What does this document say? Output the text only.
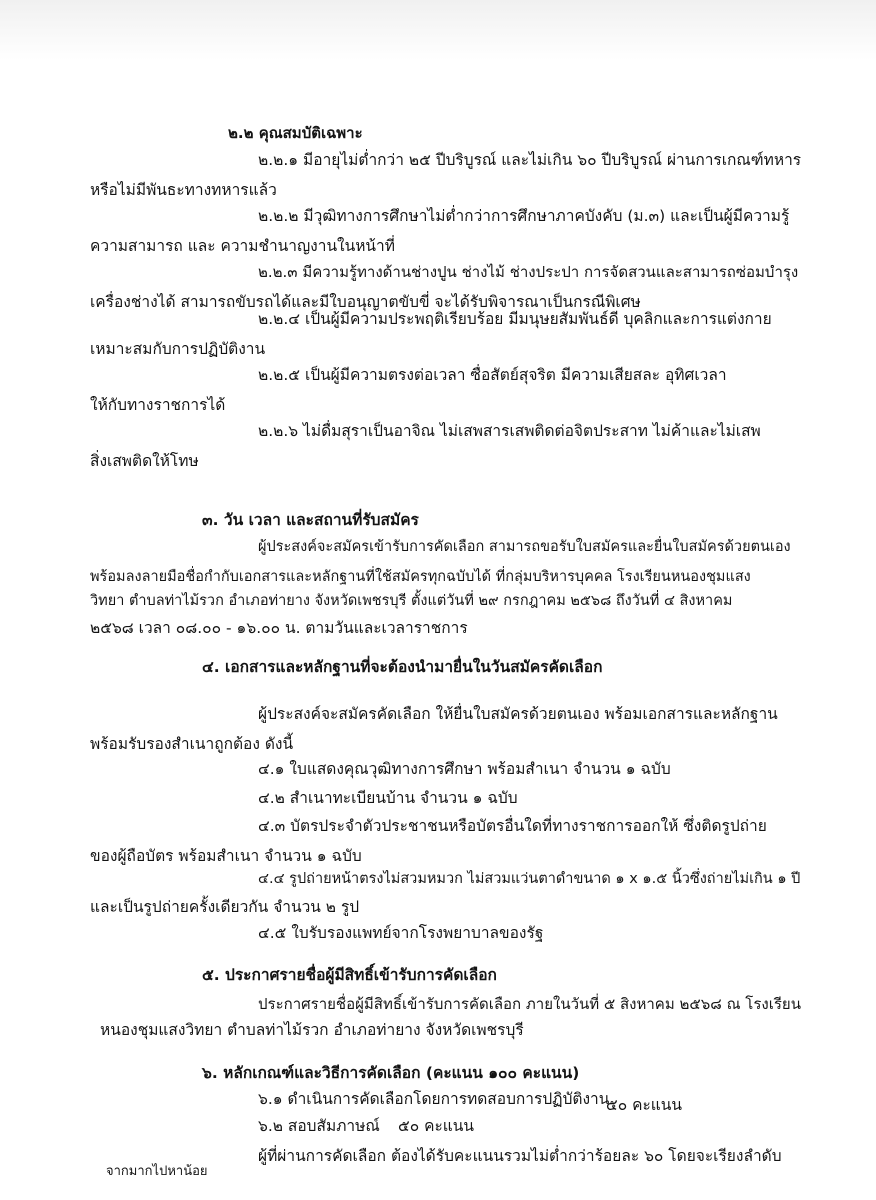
๒.๒ คุณสมบัติเฉพาะ
๒.๒.๑ มีอายุไม่ต่ำกว่า ๒๕ ปีบริบูรณ์ และไม่เกิน ๖๐ ปีบริบูรณ์ ผ่านการเกณฑ์ทหาร
หรือไม่มีพันธะทางทหารแล้ว
๒.๒.๒ มีวุฒิทางการศึกษาไม่ต่ำกว่าการศึกษาภาคบังคับ (ม.๓) และเป็นผู้มีความรู้
ความสามารถ และ ความชำนาญงานในหน้าที่
๒.๒.๓ มีความรู้ทางด้านช่างปูน ช่างไม้ ช่างประปา การจัดสวนและสามารถซ่อมบำรุง
เครื่องช่างได้ สามารถขับรถได้และมีใบอนุญาตขับขี่ จะได้รับพิจารณาเป็นกรณีพิเศษ
๒.๒.๔ เป็นผู้มีความประพฤติเรียบร้อย มีมนุษยสัมพันธ์ดี บุคลิกและการแต่งกาย
เหมาะสมกับการปฏิบัติงาน
๒.๒.๕ เป็นผู้มีความตรงต่อเวลา ซื่อสัตย์สุจริต มีความเสียสละ อุทิศเวลา
ให้กับทางราชการได้
๒.๒.๖ ไม่ดื่มสุราเป็นอาจิณ ไม่เสพสารเสพติดต่อจิตประสาท ไม่ค้าและไม่เสพ
สิ่งเสพติดให้โทษ
๓. วัน เวลา และสถานที่รับสมัคร
ผู้ประสงค์จะสมัครเข้ารับการคัดเลือก สามารถขอรับใบสมัครและยื่นใบสมัครด้วยตนเอง
พร้อมลงลายมือชื่อกำกับเอกสารและหลักฐานที่ใช้สมัครทุกฉบับได้ ที่กลุ่มบริหารบุคคล โรงเรียนหนองชุมแสง
วิทยา ตำบลท่าไม้รวก อำเภอท่ายาง จังหวัดเพชรบุรี ตั้งแต่วันที่ ๒๙ กรกฎาคม ๒๕๖๘ ถึงวันที่ ๔ สิงหาคม
๒๕๖๘ เวลา ๐๘.๐๐ - ๑๖.๐๐ น. ตามวันและเวลาราชการ
๔. เอกสารและหลักฐานที่จะต้องนำมายื่นในวันสมัครคัดเลือก
ผู้ประสงค์จะสมัครคัดเลือก ให้ยื่นใบสมัครด้วยตนเอง พร้อมเอกสารและหลักฐาน
พร้อมรับรองสำเนาถูกต้อง ดังนี้
๔.๑ ใบแสดงคุณวุฒิทางการศึกษา พร้อมสำเนา จำนวน ๑ ฉบับ
๔.๒ สำเนาทะเบียนบ้าน จำนวน ๑ ฉบับ
๔.๓ บัตรประจำตัวประชาชนหรือบัตรอื่นใดที่ทางราชการออกให้ ซึ่งติดรูปถ่าย
ของผู้ถือบัตร พร้อมสำเนา จำนวน ๑ ฉบับ
๔.๔ รูปถ่ายหน้าตรงไม่สวมหมวก ไม่สวมแว่นตาดำขนาด ๑ x ๑.๕ นิ้วซึ่งถ่ายไม่เกิน ๑ ปี
และเป็นรูปถ่ายครั้งเดียวกัน จำนวน ๒ รูป
๔.๕ ใบรับรองแพทย์จากโรงพยาบาลของรัฐ
๕. ประกาศรายชื่อผู้มีสิทธิ์เข้ารับการคัดเลือก
ประกาศรายชื่อผู้มีสิทธิ์เข้ารับการคัดเลือก ภายในวันที่ ๕ สิงหาคม ๒๕๖๘ ณ โรงเรียน
หนองชุมแสงวิทยา ตำบลท่าไม้รวก อำเภอท่ายาง จังหวัดเพชรบุรี
๖. หลักเกณฑ์และวิธีการคัดเลือก (คะแนน ๑๐๐ คะแนน)
๖.๑ ดำเนินการคัดเลือกโดยการทดสอบการปฏิบัติงาน
๕๐ คะแนน
๖.๒ สอบสัมภาษณ์ ๕๐ คะแนน
ผู้ที่ผ่านการคัดเลือก ต้องได้รับคะแนนรวมไม่ต่ำกว่าร้อยละ ๖๐ โดยจะเรียงลำดับ
จากมากไปหาน้อย
